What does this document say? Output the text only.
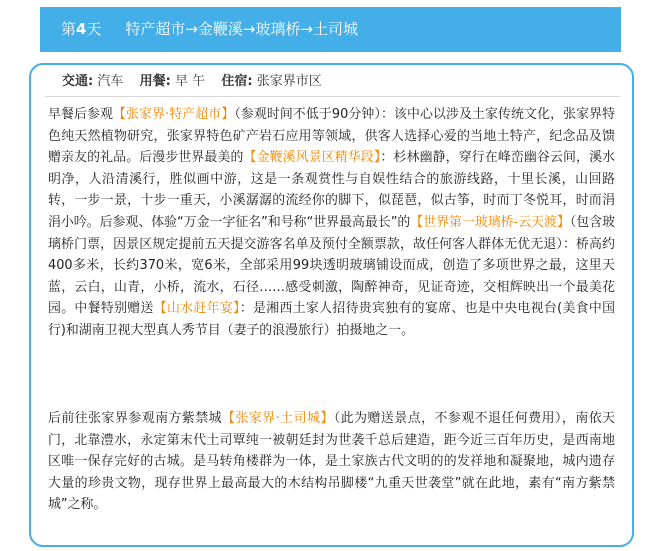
第4天 特产超市→金鞭溪→玻璃桥→土司城
交通: 汽车 用餐: 早 午 住宿: 张家界市区
早餐后参观【张家界·特产超市】（参观时间不低于90分钟）：该中心以涉及土家传统文化，张家界特色纯天然植物研究，张家界特色矿产岩石应用等领域，供客人选择心爱的当地土特产，纪念品及馈赠亲友的礼品。后漫步世界最美的【金鞭溪风景区精华段】：杉林幽静，穿行在峰峦幽谷云间，溪水明净，人沿清溪行，胜似画中游，这是一条观赏性与自娱性结合的旅游线路，十里长溪，山回路转，一步一景，十步一重天，小溪潺潺的流经你的脚下，似琵琶，似古筝，时而丁冬悦耳，时而涓涓小吟。后参观、体验“万金一字征名”和号称“世界最高最长”的【世界第一玻璃桥-云天渡】（包含玻璃桥门票，因景区规定提前五天提交游客名单及预付全额票款，故任何客人群体无优无退）：桥高约400多米，长约370米，宽6米，全部采用99块透明玻璃铺设而成，创造了多项世界之最，这里天蓝，云白，山青，小桥，流水，石径……感受刺激，陶醉神奇，见证奇迹，交相辉映出一个最美花园。中餐特别赠送【山水赶年宴】：是湘西土家人招待贵宾独有的宴席、也是中央电视台(美食中国行)和湖南卫视大型真人秀节目（妻子的浪漫旅行）拍摄地之一。
后前往张家界参观南方紫禁城【张家界·土司城】（此为赠送景点，不参观不退任何费用），南依天门，北靠澧水，永定第末代土司覃纯一被朝廷封为世袭千总后建造，距今近三百年历史，是西南地区唯一保存完好的古城。是马转角楼群为一体，是土家族古代文明的的发祥地和凝聚地，城内遗存大量的珍贵文物，现存世界上最高最大的木结构吊脚楼“九重天世袭堂”就在此地，素有“南方紫禁城”之称。
